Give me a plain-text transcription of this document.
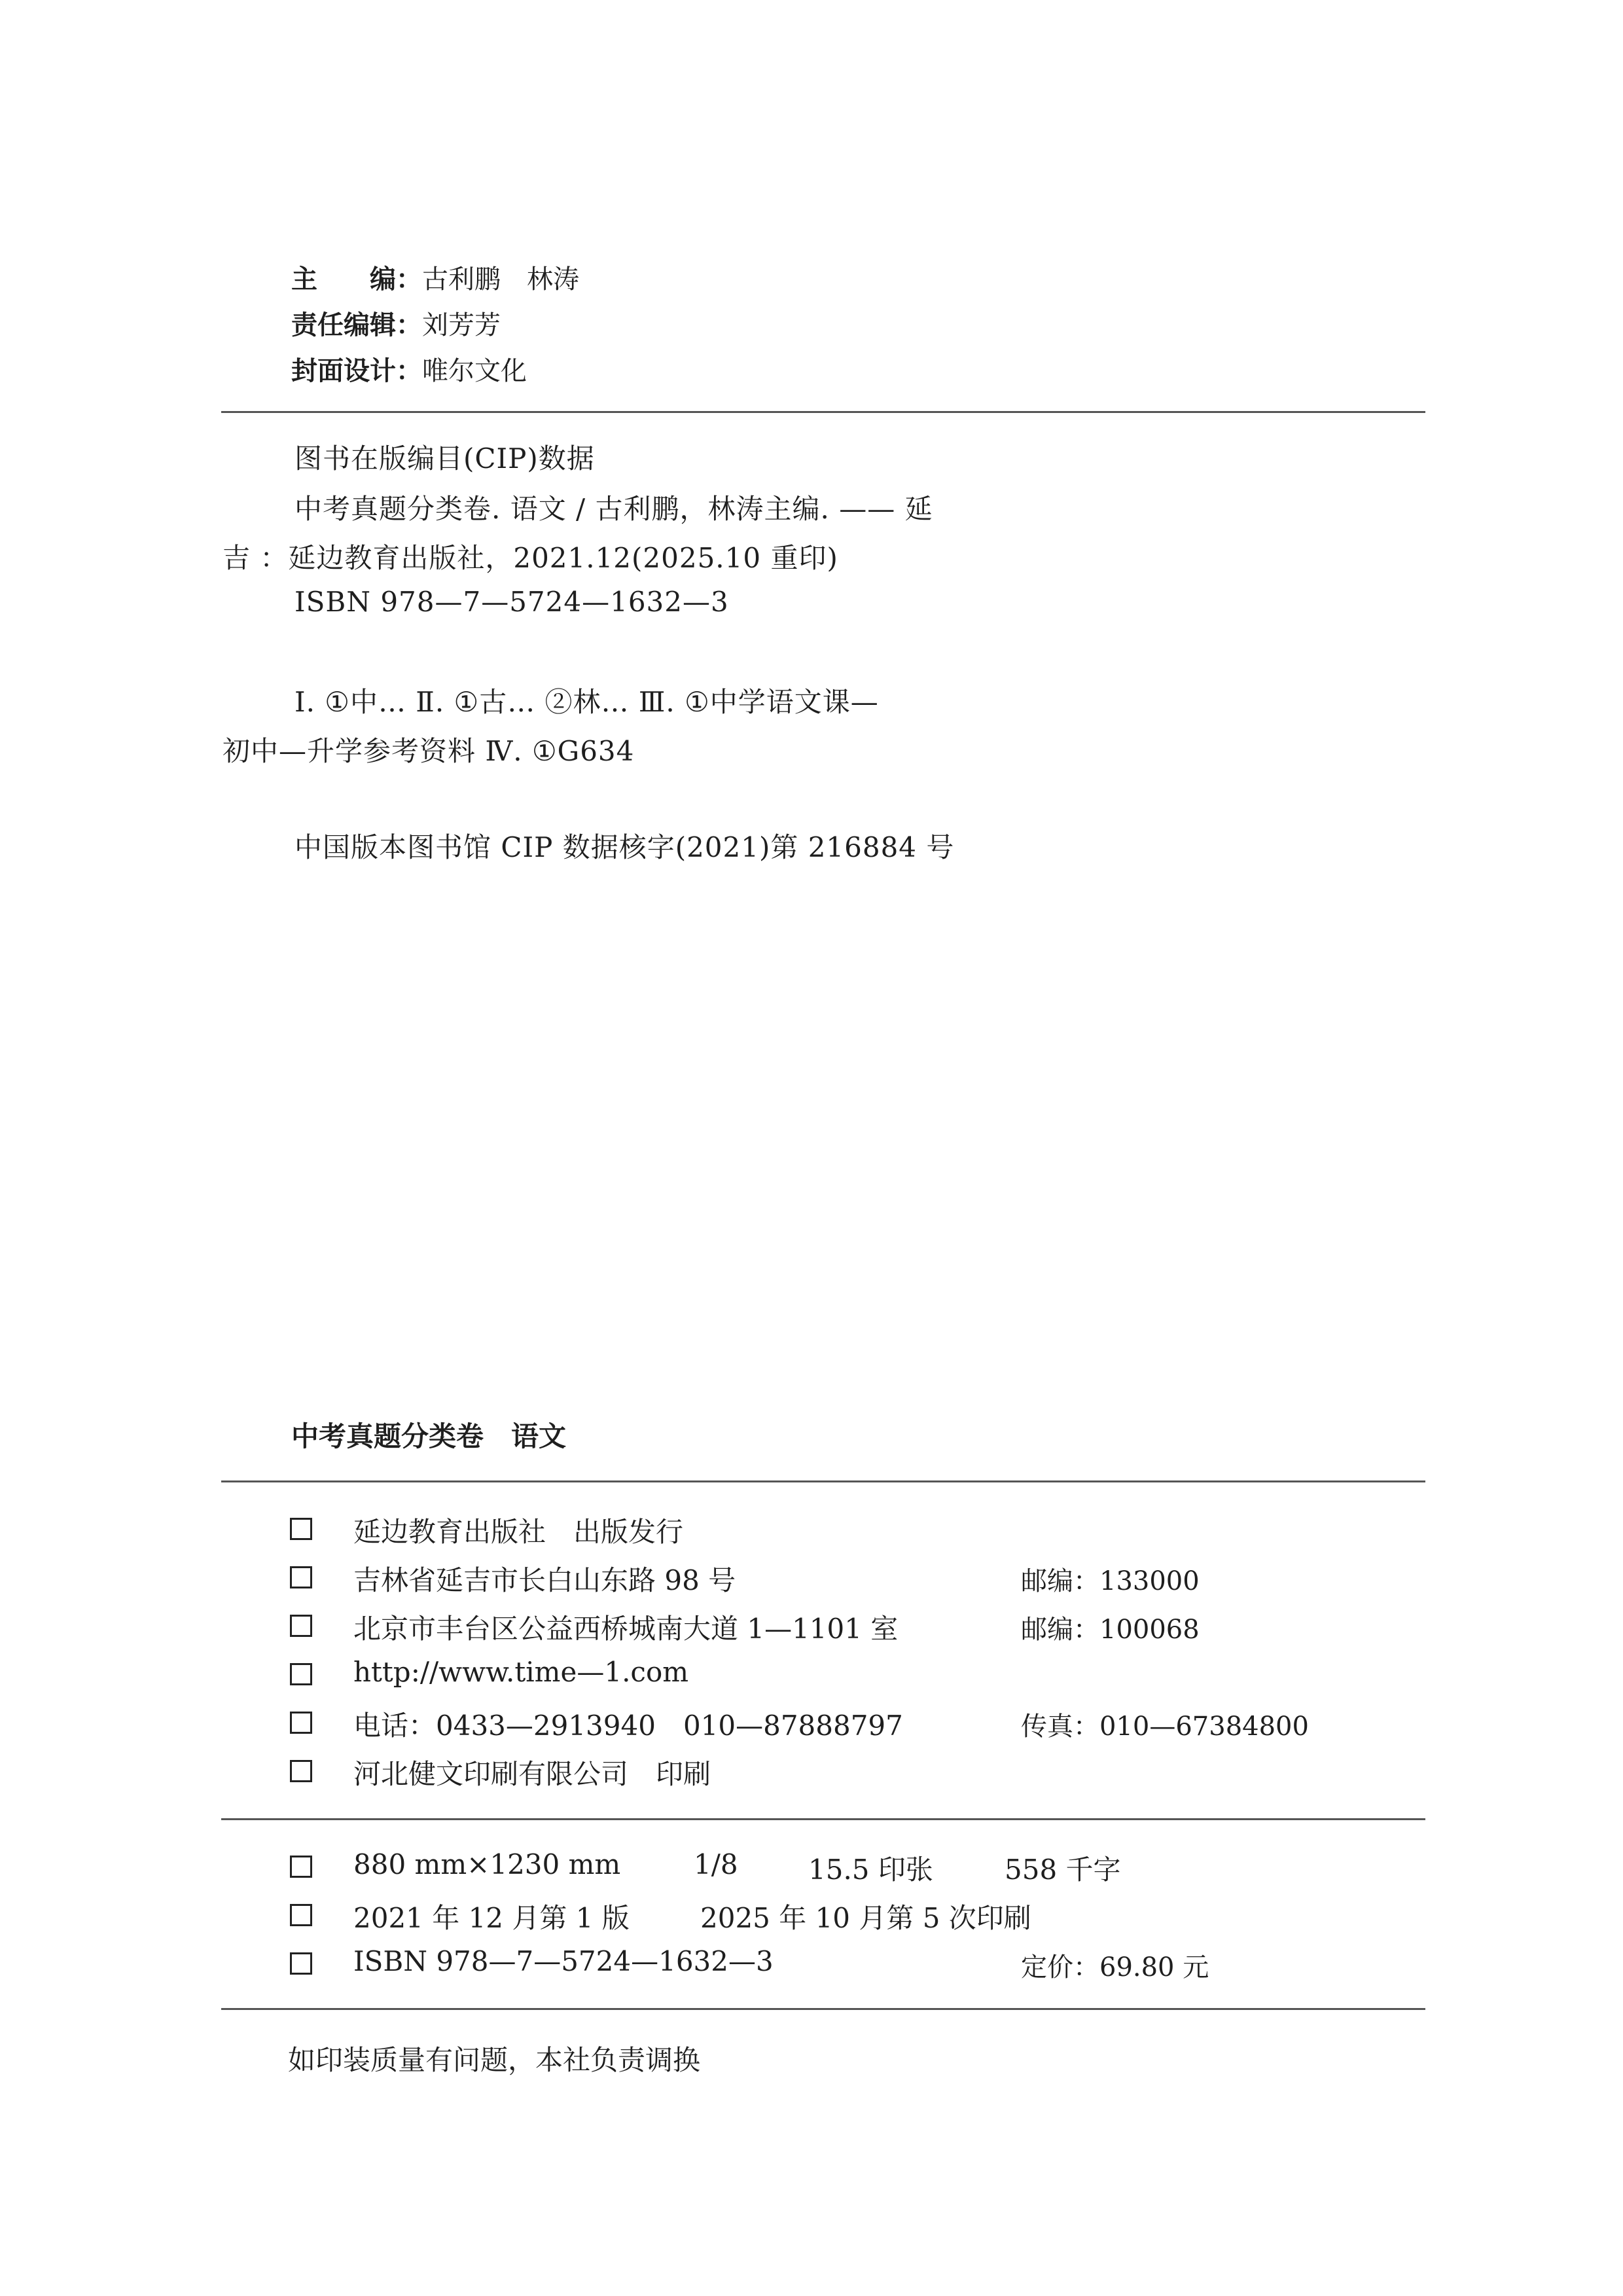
主　　编：古利鹏　林涛
责任编辑：刘芳芳
封面设计：唯尔文化
图书在版编目(CIP)数据
中考真题分类卷. 语文 / 古利鹏，林涛主编. —— 延
吉 ：延边教育出版社，2021.12(2025.10 重印)
ISBN 978—7—5724—1632—3
Ⅰ. ①中… Ⅱ. ①古… ②林… Ⅲ. ①中学语文课—
初中—升学参考资料 Ⅳ. ①G634
中国版本图书馆 CIP 数据核字(2021)第 216884 号
中考真题分类卷　语文
延边教育出版社　出版发行
吉林省延吉市长白山东路 98 号	邮编：133000
北京市丰台区公益西桥城南大道 1—1101 室	邮编：100068
http://www.time—1.com
电话：0433—2913940　010—87888797	传真：010—67384800
河北健文印刷有限公司　印刷
880 mm×1230 mm	1/8	15.5 印张	558 千字
2021 年 12 月第 1 版	2025 年 10 月第 5 次印刷
ISBN 978—7—5724—1632—3	定价：69.80 元
如印装质量有问题，本社负责调换
